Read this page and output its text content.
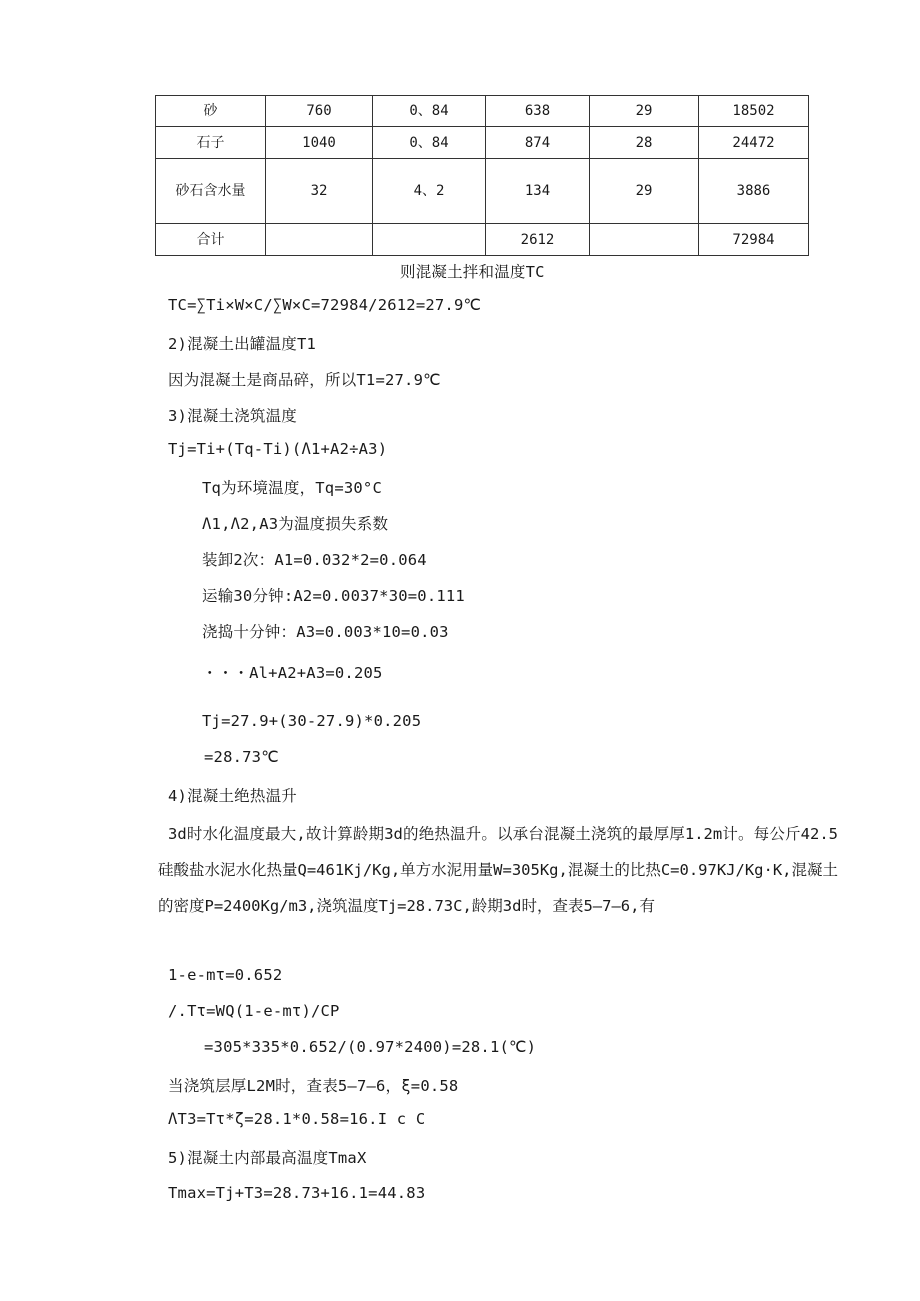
砂	760	0、84	638	29	18502
石子	1040	0、84	874	28	24472
砂石含水量	32	4、2	134	29	3886
合计			2612		72984
则混凝土拌和温度TC
TC=∑Ti×W×C/∑W×C=72984/2612=27.9℃
2)混凝土出罐温度T1
因为混凝土是商品碎，所以T1=27.9℃
3)混凝土浇筑温度
Tj=Ti+(Tq-Ti)(Λ1+A2÷A3)
Tq为环境温度，Tq=30°C
Λ1,Λ2,A3为温度损失系数
装卸2次：A1=0.032*2=0.064
运输30分钟:A2=0.0037*30=0.111
浇捣十分钟：A3=0.003*10=0.03
・・・Al+A2+A3=0.205
Tj=27.9+(30-27.9)*0.205
=28.73℃
4)混凝土绝热温升
3d时水化温度最大,故计算龄期3d的绝热温升。以承台混凝土浇筑的最厚厚1.2m计。每公斤42.5硅酸盐水泥水化热量Q=461Kj/Kg,单方水泥用量W=305Kg,混凝土的比热C=0.97KJ/Kg·K,混凝土的密度P=2400Kg/m3,浇筑温度Tj=28.73C,龄期3d时，查表5—7—6,有
1-e-mτ=0.652
/.Tτ=WQ(1-e-mτ)/CP
=305*335*0.652/(0.97*2400)=28.1(℃)
当浇筑层厚L2M时，查表5—7—6，ξ=0.58
ΛT3=Tτ*ζ=28.1*0.58=16.I c C
5)混凝土内部最高温度TmaX
Tmax=Tj+T3=28.73+16.1=44.83
